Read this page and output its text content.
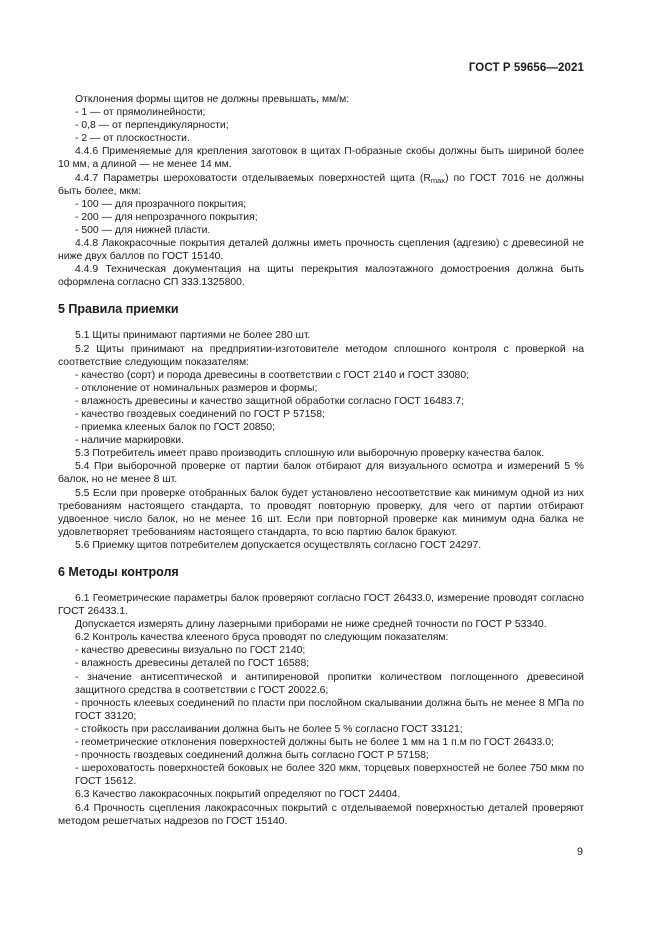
ГОСТ Р 59656—2021

Отклонения формы щитов не должны превышать, мм/м:

- 1 — от прямолинейности;

- 0,8 — от перпендикулярности;

- 2 — от плоскостности.

4.4.6 Применяемые для крепления заготовок в щитах П-образные скобы должны быть шириной более 10 мм, а длиной — не менее 14 мм.

4.4.7 Параметры шероховатости отделываемых поверхностей щита $(R_{max})$ по ГОСТ 7016 не должны быть более, мкм:

- 100 — для прозрачного покрытия;

- 200 — для непрозрачного покрытия;

- 500 — для нижней пласти.

4.4.8 Лакокрасочные покрытия деталей должны иметь прочность сцепления (адгезию) с древесиной не ниже двух баллов по ГОСТ 15140.

4.4.9 Техническая документация на щиты перекрытия малоэтажного домостроения должна быть оформлена согласно СП 333.1325800.

5 Правила приемки

5.1 Щиты принимают партиями не более 280 шт.

5.2 Щиты принимают на предприятии-изготовителе методом сплошного контроля с проверкой на соответствие следующим показателям:

- качество (сорт) и порода древесины в соответствии с ГОСТ 2140 и ГОСТ 33080;

- отклонение от номинальных размеров и формы;

- влажность древесины и качество защитной обработки согласно ГОСТ 16483.7;

- качество гвоздевых соединений по ГОСТ Р 57158;

- приемка клееных балок по ГОСТ 20850;

- наличие маркировки.

5.3 Потребитель имеет право производить сплошную или выборочную проверку качества балок.

5.4 При выборочной проверке от партии балок отбирают для визуального осмотра и измерений 5 % балок, но не менее 8 шт.

5.5 Если при проверке отобранных балок будет установлено несоответствие как минимум одной из них требованиям настоящего стандарта, то проводят повторную проверку, для чего от партии отбирают удвоенное число балок, но не менее 16 шт. Если при повторной проверке как минимум одна балка не удовлетворяет требованиям настоящего стандарта, то всю партию балок бракуют.

5.6 Приемку щитов потребителем допускается осуществлять согласно ГОСТ 24297.

6 Методы контроля

6.1 Геометрические параметры балок проверяют согласно ГОСТ 26433.0, измерение проводят согласно ГОСТ 26433.1.

Допускается измерять длину лазерными приборами не ниже средней точности по ГОСТ Р 53340.

6.2 Контроль качества клееного бруса проводят по следующим показателям:

- качество древесины визуально по ГОСТ 2140;

- влажность древесины деталей по ГОСТ 16588;

- значение антисептической и антипиреновой пропитки количеством поглощенного древесиной защитного средства в соответствии с ГОСТ 20022.6;

- прочность клеевых соединений по пласти при послойном скалывании должна быть не менее 8 МПа по ГОСТ 33120;

- стойкость при расслаивании должна быть не более 5 % согласно ГОСТ 33121;

- геометрические отклонения поверхностей должны быть не более 1 мм на 1 п.м по ГОСТ 26433.0;

- прочность гвоздевых соединений должна быть согласно ГОСТ Р 57158;

- шероховатость поверхностей боковых не более 320 мкм, торцевых поверхностей не более 750 мкм по ГОСТ 15612.

6.3 Качество лакокрасочных покрытий определяют по ГОСТ 24404.

6.4 Прочность сцепления лакокрасочных покрытий с отделываемой поверхностью деталей проверяют методом решетчатых надрезов по ГОСТ 15140.

9
